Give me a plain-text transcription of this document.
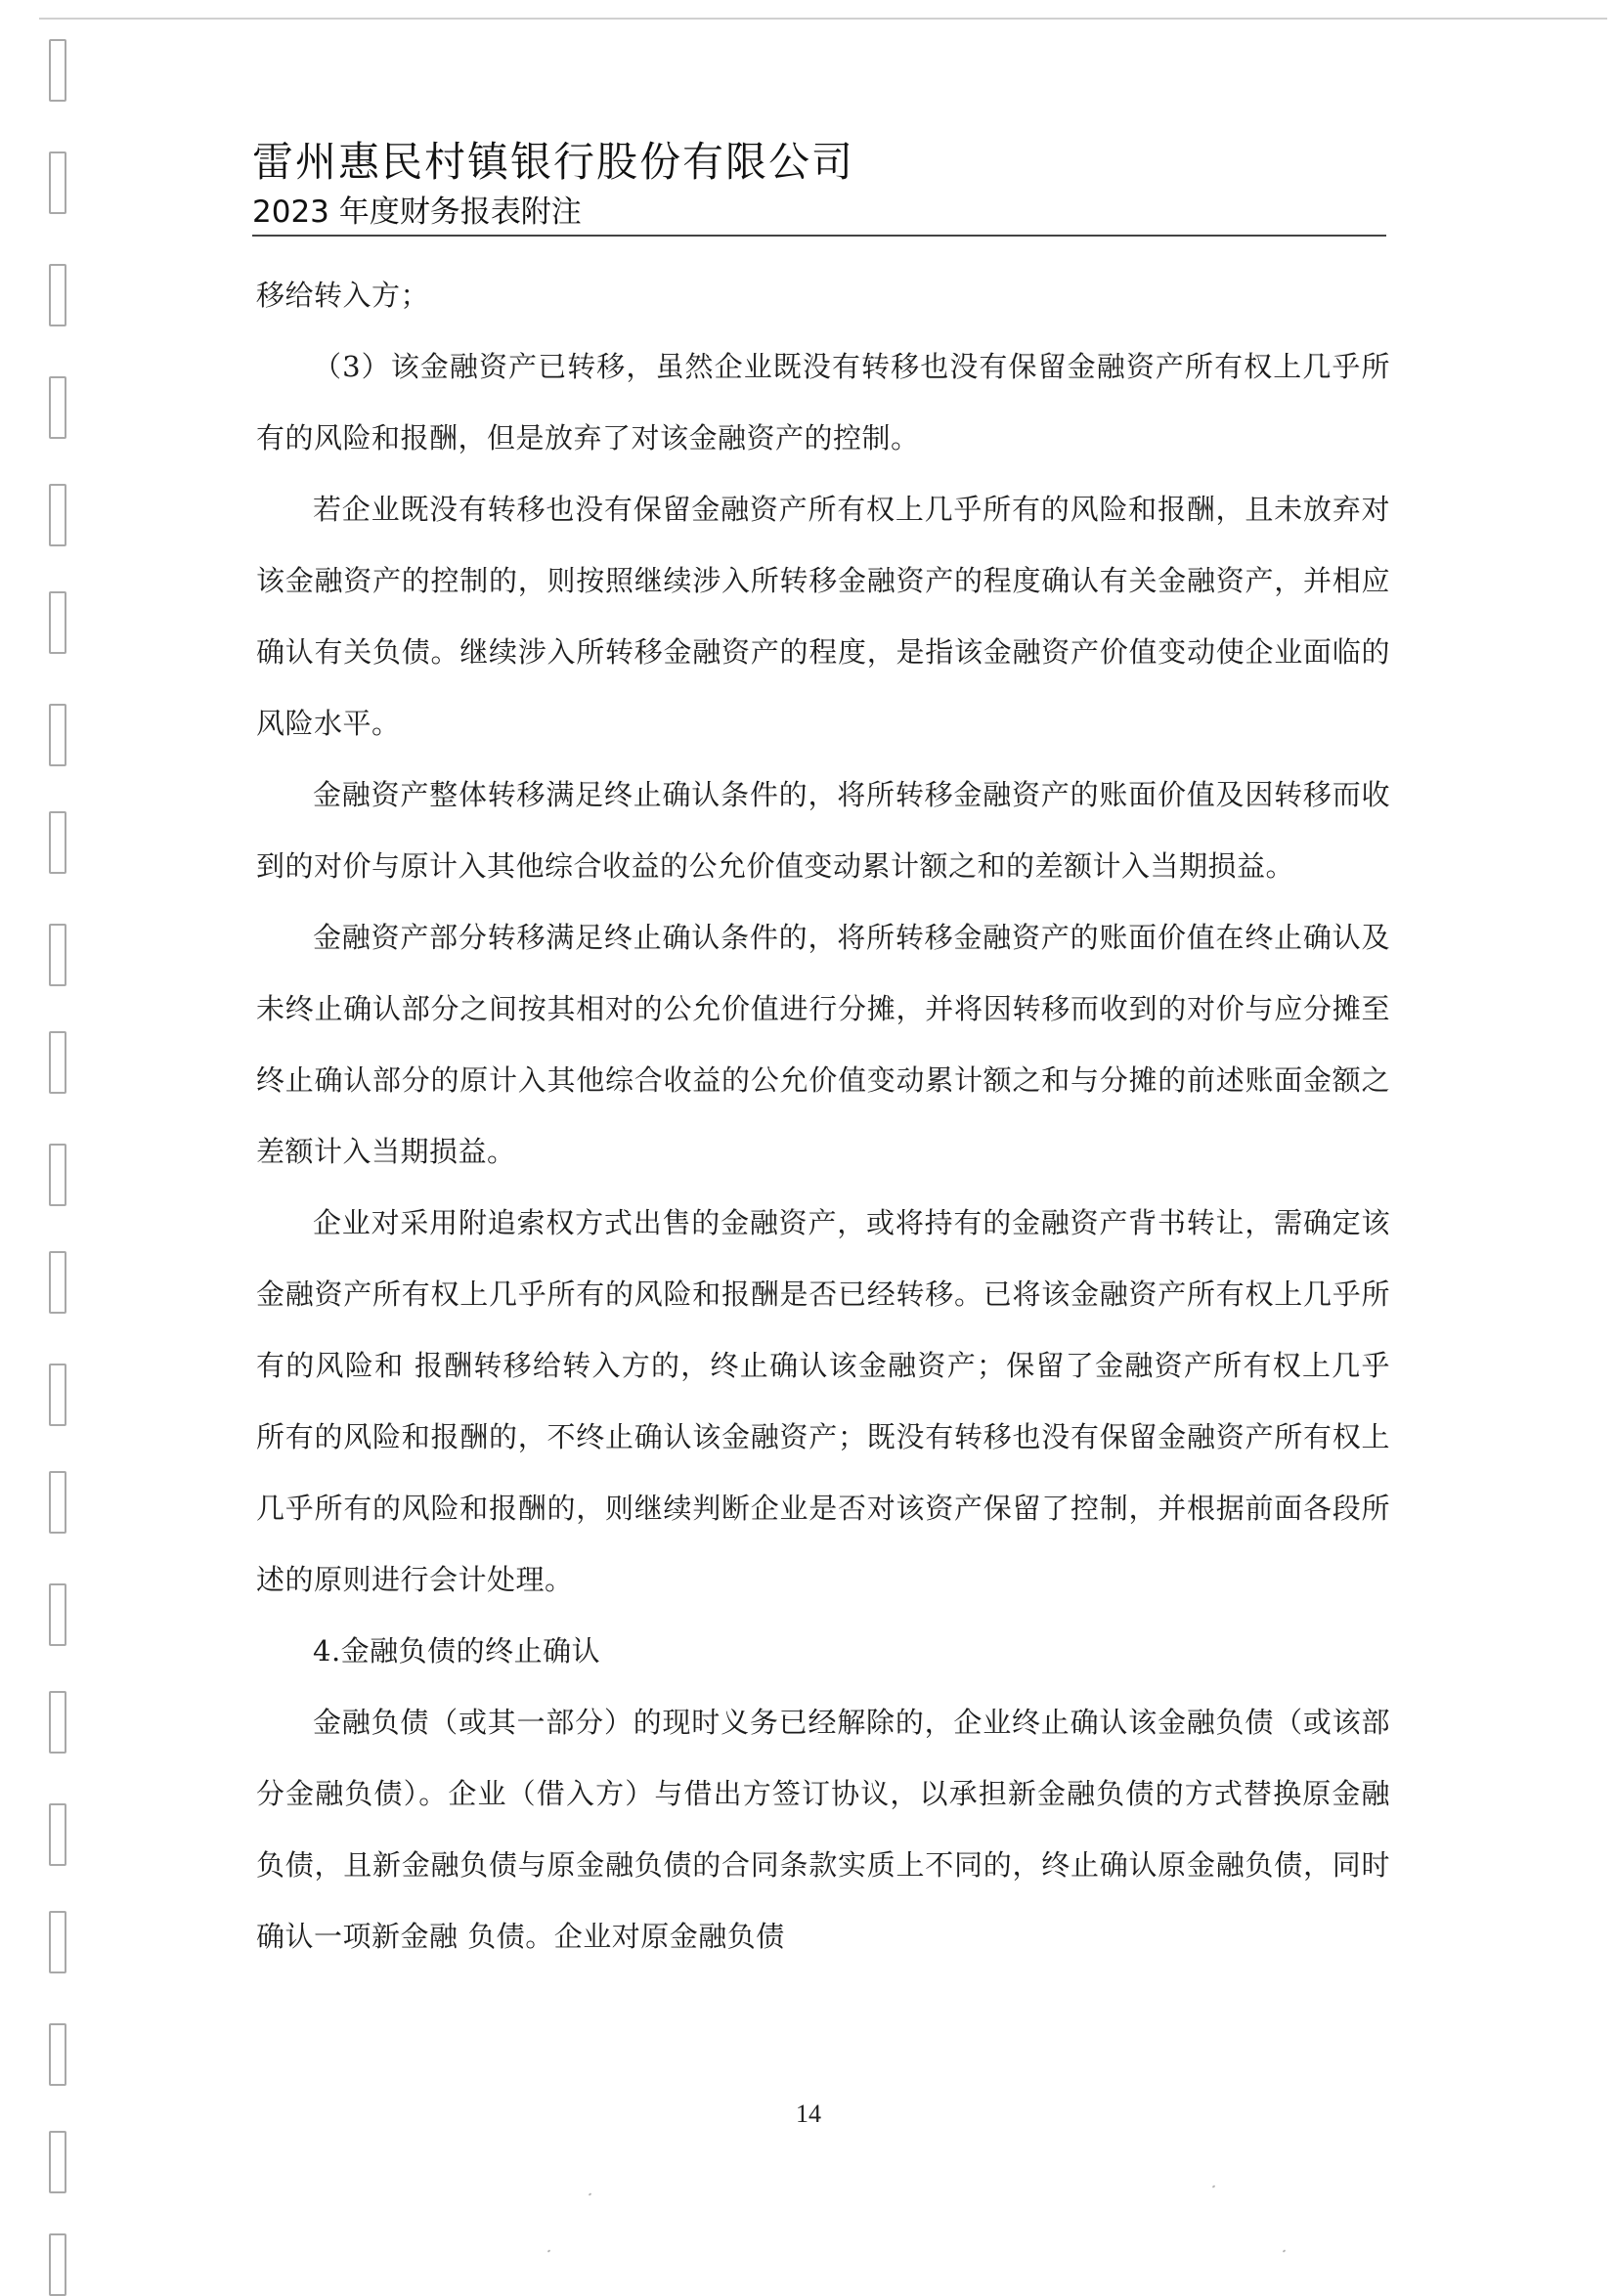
雷州惠民村镇银行股份有限公司
2023 年度财务报表附注

移给转入方；

（3）该金融资产已转移，虽然企业既没有转移也没有保留金融资产所有权上几乎所有的风险和报酬，但是放弃了对该金融资产的控制。

若企业既没有转移也没有保留金融资产所有权上几乎所有的风险和报酬，且未放弃对该金融资产的控制的，则按照继续涉入所转移金融资产的程度确认有关金融资产，并相应确认有关负债。继续涉入所转移金融资产的程度，是指该金融资产价值变动使企业面临的风险水平。

金融资产整体转移满足终止确认条件的，将所转移金融资产的账面价值及因转移而收到的对价与原计入其他综合收益的公允价值变动累计额之和的差额计入当期损益。

金融资产部分转移满足终止确认条件的，将所转移金融资产的账面价值在终止确认及未终止确认部分之间按其相对的公允价值进行分摊，并将因转移而收到的对价与应分摊至终止确认部分的原计入其他综合收益的公允价值变动累计额之和与分摊的前述账面金额之差额计入当期损益。

企业对采用附追索权方式出售的金融资产，或将持有的金融资产背书转让，需确定该金融资产所有权上几乎所有的风险和报酬是否已经转移。已将该金融资产所有权上几乎所有的风险和 报酬转移给转入方的，终止确认该金融资产；保留了金融资产所有权上几乎所有的风险和报酬的，不终止确认该金融资产；既没有转移也没有保留金融资产所有权上几乎所有的风险和报酬的，则继续判断企业是否对该资产保留了控制，并根据前面各段所述的原则进行会计处理。

4.金融负债的终止确认

金融负债（或其一部分）的现时义务已经解除的，企业终止确认该金融负债（或该部分金融负债）。企业（借入方）与借出方签订协议，以承担新金融负债的方式替换原金融负债，且新金融负债与原金融负债的合同条款实质上不同的，终止确认原金融负债，同时确认一项新金融 负债。企业对原金融负债

14
